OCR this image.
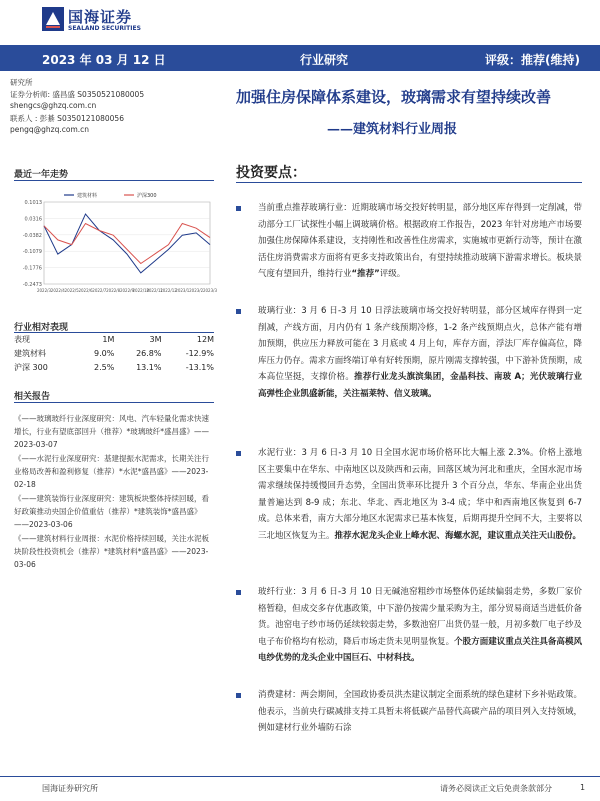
国海证券
SEALAND SECURITIES
2023 年 03 月 12 日	行业研究	评级：推荐(维持)
研究所
证券分析师: 盛昌盛 S0350521080005
shengcs@ghzq.com.cn
联系人 : 彭綦 S0350121080056
pengq@ghzq.com.cn
加强住房保障体系建设，玻璃需求有望持续改善
——建筑材料行业周报
最近一年走势
0.1013
0.0316
-0.0382
-0.1079
-0.1776
-0.2473
2022/3 2022/4 2022/5 2022/6 2022/7 2022/8 2022/9
2022/10
2022/11
2022/12
2023/1 2023/2 2023/3
建筑材料	沪深300
行业相对表现
表现	1M	3M	12M
建筑材料	9.0%	26.8%	-12.9%
沪深 300	2.5%	13.1%	-13.1%
相关报告

《——玻璃玻纤行业深度研究：风电、汽车轻量化需求快速增长，行业有望底部回升（推荐）*玻璃玻纤*盛昌盛》——2023-03-07

《——水泥行业深度研究：基建提振水泥需求，长期关注行业格局改善和盈利修复（推荐）*水泥*盛昌盛》——2023-02-18

《——建筑装饰行业深度研究：建筑板块整体持续回暖，看好政策推动央国企价值重估（推荐）*建筑装饰*盛昌盛》——2023-03-06

《——建筑材料行业周报：水泥价格持续回暖，关注水泥板块阶段性投资机会（推荐）*建筑材料*盛昌盛》——2023-03-06

投资要点：
当前重点推荐玻璃行业：近期玻璃市场交投好转明显，部分地区库存得到一定削减，带动部分工厂试探性小幅上调玻璃价格。根据政府工作报告，2023 年针对房地产市场要加强住房保障体系建设，支持刚性和改善性住房需求，实施城市更新行动等，预计在激活住房消费需求方面将有更多支持政策出台，有望持续推动玻璃下游需求增长。板块景气度有望回升，维持行业“推荐”评级。
玻璃行业：3 月 6 日-3 月 10 日浮法玻璃市场交投好转明显，部分区域库存得到一定削减，产线方面，月内仍有 1 条产线预期冷修，1-2 条产线预期点火，总体产能有增加预期，供应压力释放可能在 3 月底或 4 月上旬，库存方面，浮法厂库存偏高位，降库压力仍存。需求方面终端订单有好转预期，原片刚需支撑转强，中下游补货预期，成本高位坚挺，支撑价格。推荐行业龙头旗滨集团，金晶科技、南玻 A；光伏玻璃行业高弹性企业凯盛新能，关注福莱特、信义玻璃。
水泥行业：3 月 6 日-3 月 10 日全国水泥市场价格环比大幅上涨 2.3%。价格上涨地区主要集中在华东、中南地区以及陕西和云南，回落区域为河北和重庆，全国水泥市场需求继续保持缓慢回升态势，全国出货率环比提升 3 个百分点，华东、华南企业出货量普遍达到 8-9 成；东北、华北、西北地区为 3-4 成；华中和西南地区恢复到 6-7 成。总体来看，南方大部分地区水泥需求已基本恢复，后期再提升空间不大，主要将以三北地区恢复为主。推荐水泥龙头企业上峰水泥、海螺水泥，建议重点关注天山股份。
玻纤行业：3 月 6 日-3 月 10 日无碱池窑粗纱市场整体仍延续偏弱走势，多数厂家价格暂稳，但成交多存优惠政策，中下游仍按需少量采购为主，部分贸易商适当进低价备货。池窑电子纱市场仍延续较弱走势，多数池窑厂出货仍显一般，月初多数厂电子纱及电子布价格均有松动，降后市场走货未见明显恢复。个股方面建议重点关注具备高模风电纱优势的龙头企业中国巨石、中材科技。
消费建材：两会期间，全国政协委员洪杰建议制定全面系统的绿色建材下乡补贴政策。他表示，当前央行碳减排支持工具暂未将低碳产品替代高碳产品的项目列入支持领域，例如建材行业外墙防石涂
国海证券研究所	请务必阅读正文后免责条款部分	1
